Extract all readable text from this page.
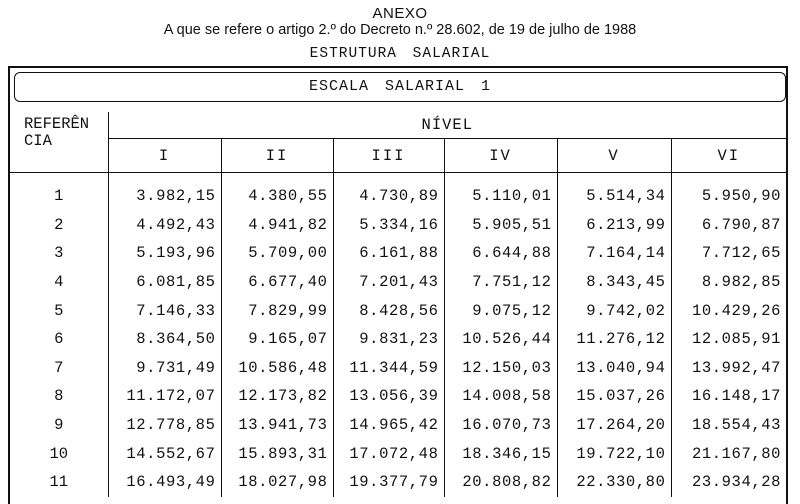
ANEXO
A que se refere o artigo 2.º do Decreto n.º 28.602, de 19 de julho de 1988
ESTRUTURA SALARIAL
ESCALA SALARIAL 1
REFERÊN
CIA	NÍVEL					
	I	II	III	IV	V	VI
1	3.982,15	4.380,55	4.730,89	5.110,01	5.514,34	5.950,90
2	4.492,43	4.941,82	5.334,16	5.905,51	6.213,99	6.790,87
3	5.193,96	5.709,00	6.161,88	6.644,88	7.164,14	7.712,65
4	6.081,85	6.677,40	7.201,43	7.751,12	8.343,45	8.982,85
5	7.146,33	7.829,99	8.428,56	9.075,12	9.742,02	10.429,26
6	8.364,50	9.165,07	9.831,23	10.526,44	11.276,12	12.085,91
7	9.731,49	10.586,48	11.344,59	12.150,03	13.040,94	13.992,47
8	11.172,07	12.173,82	13.056,39	14.008,58	15.037,26	16.148,17
9	12.778,85	13.941,73	14.965,42	16.070,73	17.264,20	18.554,43
10	14.552,67	15.893,31	17.072,48	18.346,15	19.722,10	21.167,80
11	16.493,49	18.027,98	19.377,79	20.808,82	22.330,80	23.934,28
